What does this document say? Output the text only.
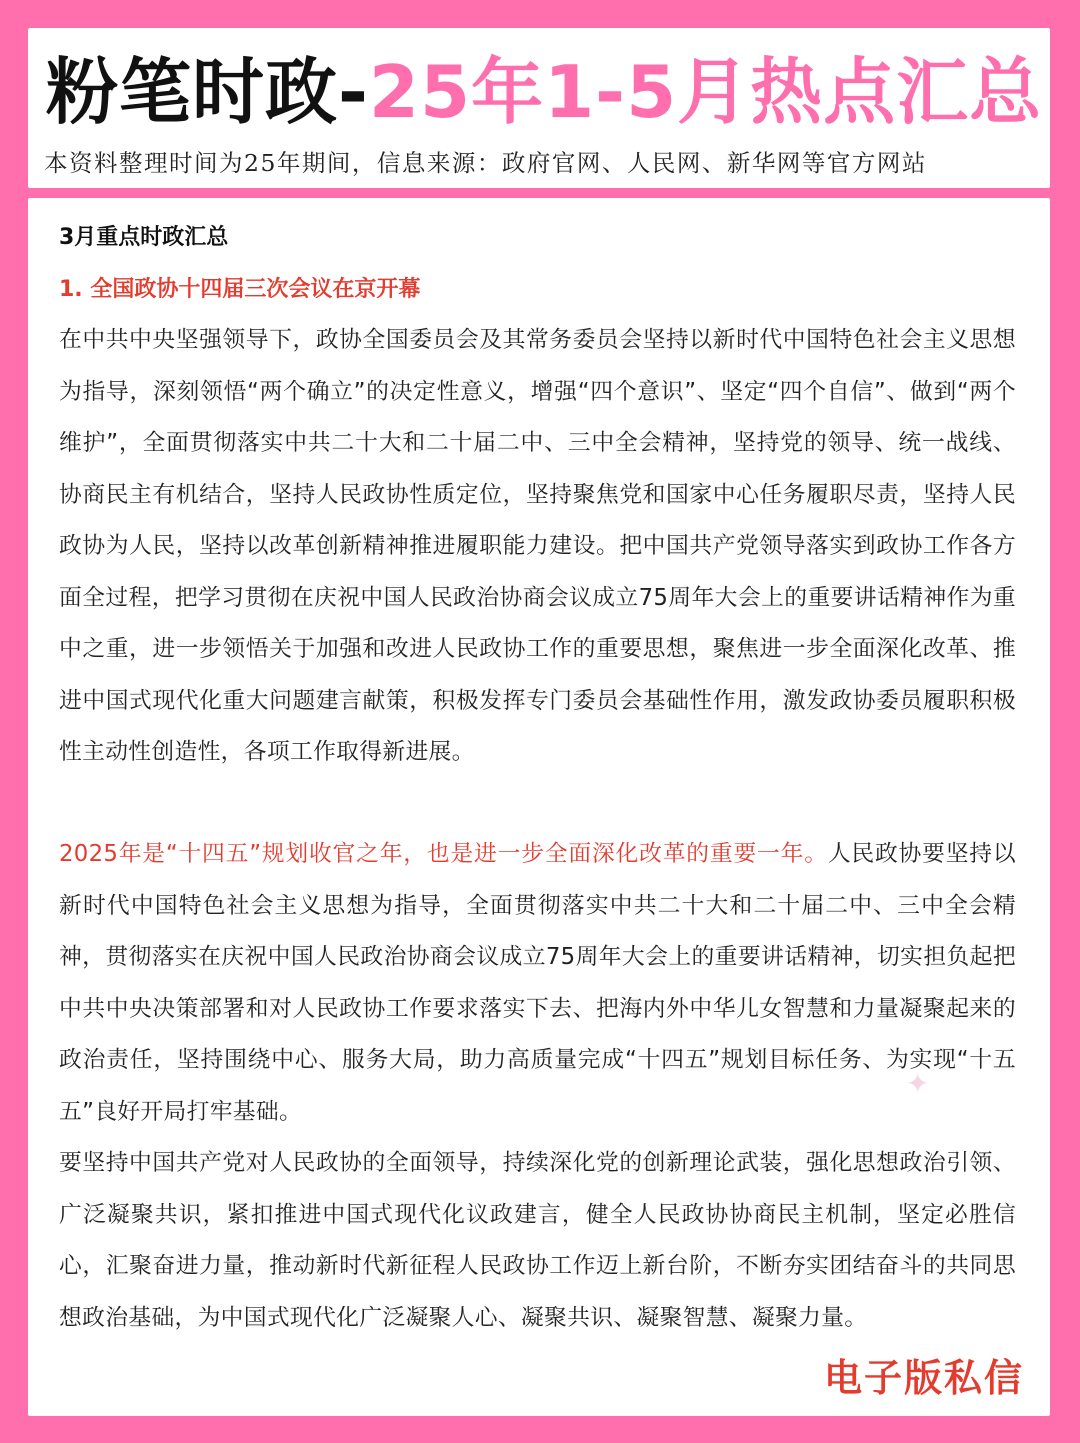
粉笔时政-25年1-5月热点汇总
本资料整理时间为25年期间，信息来源：政府官网、人民网、新华网等官方网站
3月重点时政汇总
1. 全国政协十四届三次会议在京开幕
在中共中央坚强领导下，政协全国委员会及其常务委员会坚持以新时代中国特色社会主义思想为指导，深刻领悟“两个确立”的决定性意义，增强“四个意识”、坚定“四个自信”、做到“两个维护”，全面贯彻落实中共二十大和二十届二中、三中全会精神，坚持党的领导、统一战线、协商民主有机结合，坚持人民政协性质定位，坚持聚焦党和国家中心任务履职尽责，坚持人民政协为人民，坚持以改革创新精神推进履职能力建设。把中国共产党领导落实到政协工作各方面全过程，把学习贯彻在庆祝中国人民政治协商会议成立75周年大会上的重要讲话精神作为重中之重，进一步领悟关于加强和改进人民政协工作的重要思想，聚焦进一步全面深化改革、推进中国式现代化重大问题建言献策，积极发挥专门委员会基础性作用，激发政协委员履职积极性主动性创造性，各项工作取得新进展。
2025年是“十四五”规划收官之年，也是进一步全面深化改革的重要一年。人民政协要坚持以新时代中国特色社会主义思想为指导，全面贯彻落实中共二十大和二十届二中、三中全会精神，贯彻落实在庆祝中国人民政治协商会议成立75周年大会上的重要讲话精神，切实担负起把中共中央决策部署和对人民政协工作要求落实下去、把海内外中华儿女智慧和力量凝聚起来的政治责任，坚持围绕中心、服务大局，助力高质量完成“十四五”规划目标任务、为实现“十五五”良好开局打牢基础。
要坚持中国共产党对人民政协的全面领导，持续深化党的创新理论武装，强化思想政治引领、广泛凝聚共识，紧扣推进中国式现代化议政建言，健全人民政协协商民主机制，坚定必胜信心，汇聚奋进力量，推动新时代新征程人民政协工作迈上新台阶，不断夯实团结奋斗的共同思想政治基础，为中国式现代化广泛凝聚人心、凝聚共识、凝聚智慧、凝聚力量。
✦
电子版私信
